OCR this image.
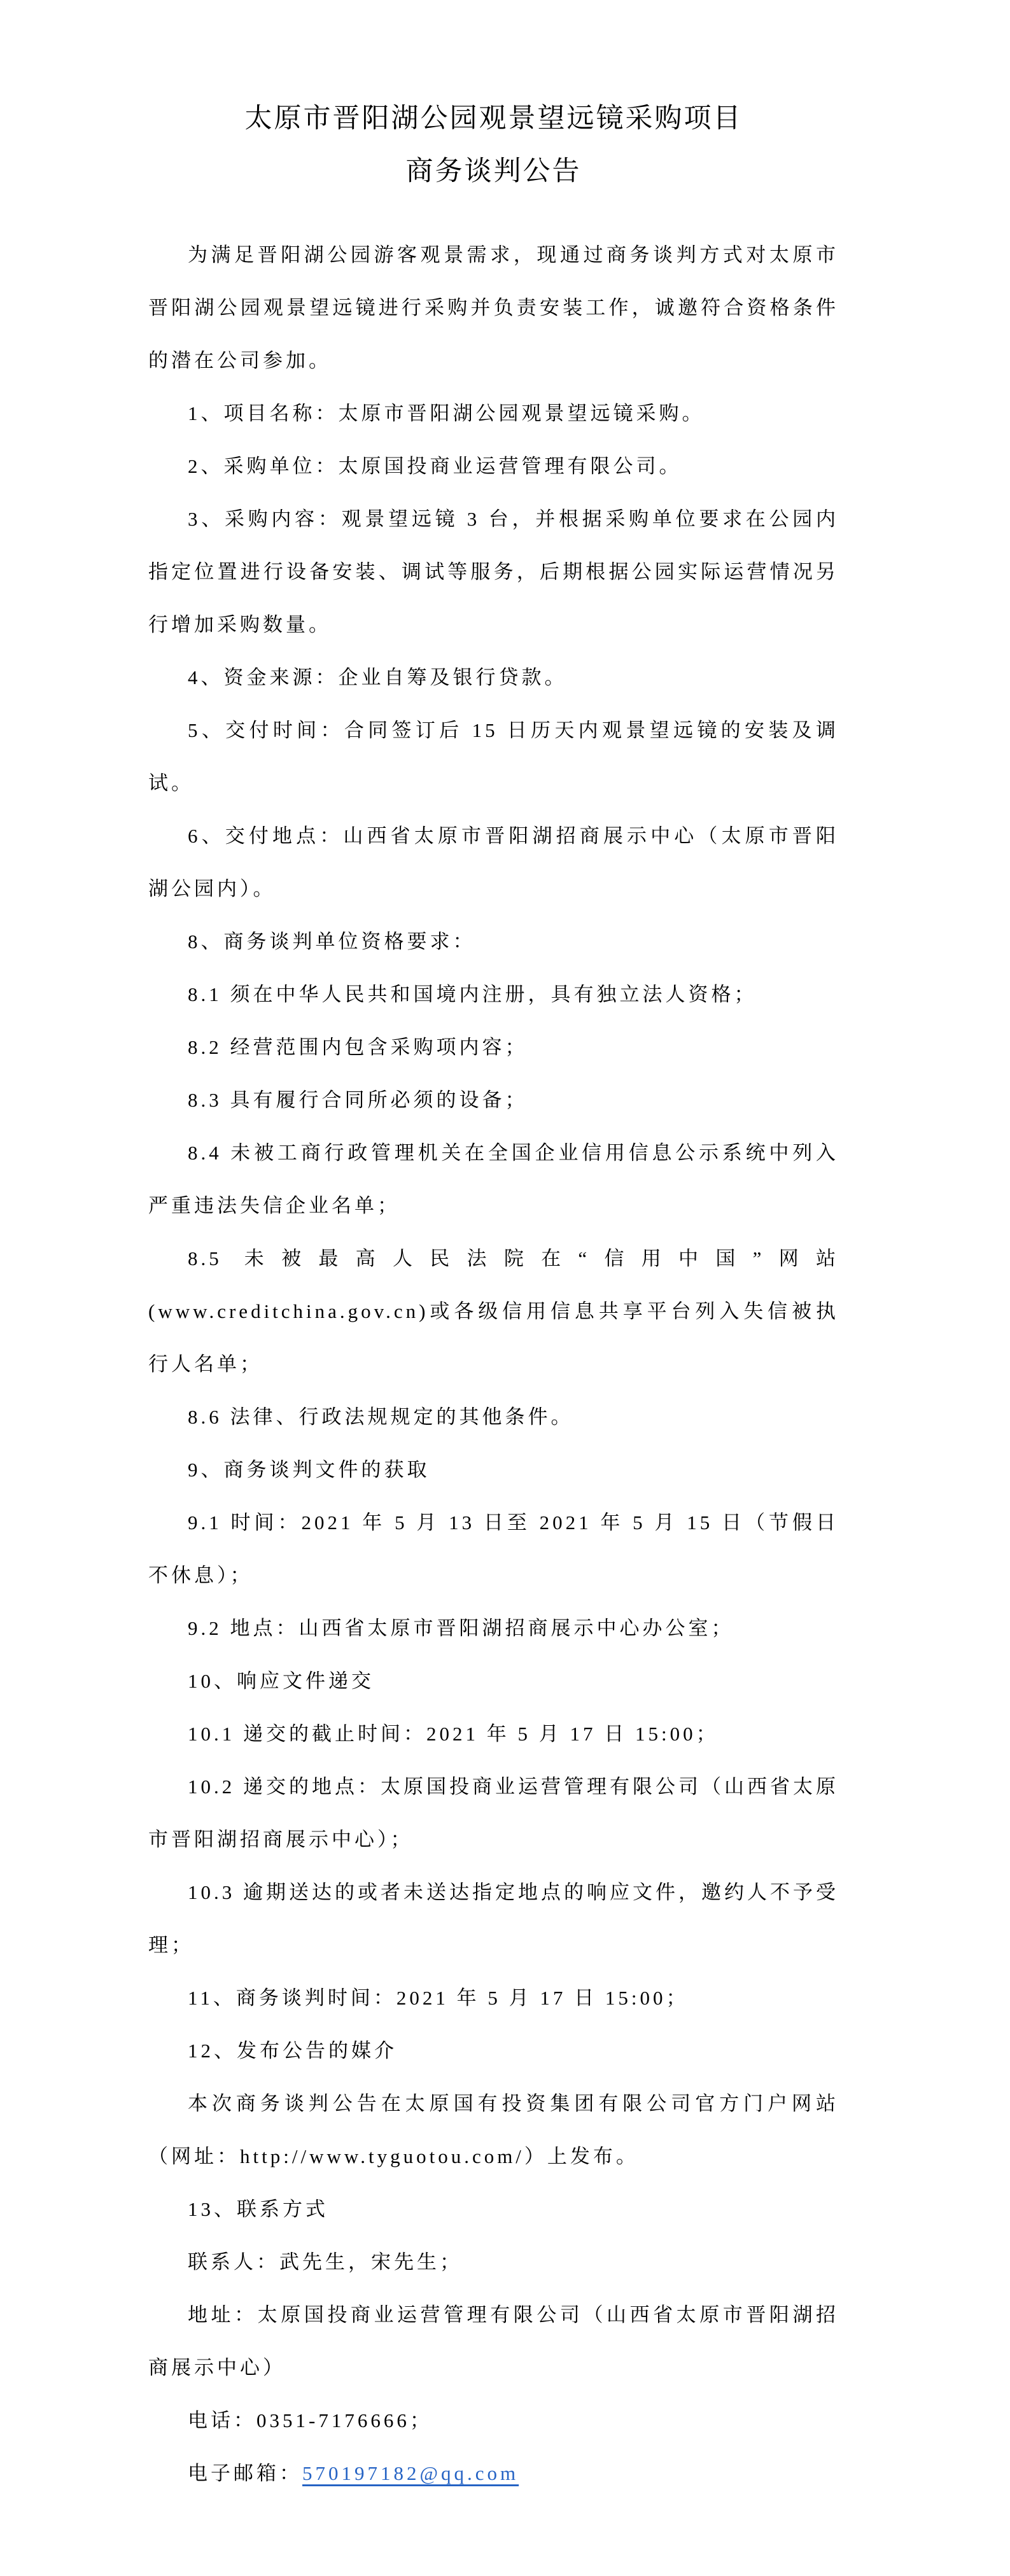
太原市晋阳湖公园观景望远镜采购项目
商务谈判公告

为满足晋阳湖公园游客观景需求，现通过商务谈判方式对太原市晋阳湖公园观景望远镜进行采购并负责安装工作，诚邀符合资格条件的潜在公司参加。

1、项目名称：太原市晋阳湖公园观景望远镜采购。

2、采购单位：太原国投商业运营管理有限公司。

3、采购内容：观景望远镜 3 台，并根据采购单位要求在公园内指定位置进行设备安装、调试等服务，后期根据公园实际运营情况另行增加采购数量。

4、资金来源：企业自筹及银行贷款。

5、交付时间：合同签订后 15 日历天内观景望远镜的安装及调试。

6、交付地点：山西省太原市晋阳湖招商展示中心（太原市晋阳湖公园内）。

8、商务谈判单位资格要求：

8.1 须在中华人民共和国境内注册，具有独立法人资格；

8.2 经营范围内包含采购项内容；

8.3 具有履行合同所必须的设备；

8.4 未被工商行政管理机关在全国企业信用信息公示系统中列入严重违法失信企业名单；

8.5 未被最高人民法院在“信用中国”网站(www.creditchina.gov.cn)或各级信用信息共享平台列入失信被执行人名单；

8.6 法律、行政法规规定的其他条件。

9、商务谈判文件的获取

9.1 时间：2021 年 5 月 13 日至 2021 年 5 月 15 日（节假日不休息）；

9.2 地点：山西省太原市晋阳湖招商展示中心办公室；

10、响应文件递交

10.1 递交的截止时间：2021 年 5 月 17 日 15:00；

10.2 递交的地点：太原国投商业运营管理有限公司（山西省太原市晋阳湖招商展示中心）；

10.3 逾期送达的或者未送达指定地点的响应文件，邀约人不予受理；

11、商务谈判时间：2021 年 5 月 17 日 15:00；

12、发布公告的媒介

本次商务谈判公告在太原国有投资集团有限公司官方门户网站（网址：http://www.tyguotou.com/）上发布。

13、联系方式

联系人：武先生，宋先生；

地址：太原国投商业运营管理有限公司（山西省太原市晋阳湖招商展示中心）

电话：0351-7176666；

电子邮箱：570197182@qq.com
